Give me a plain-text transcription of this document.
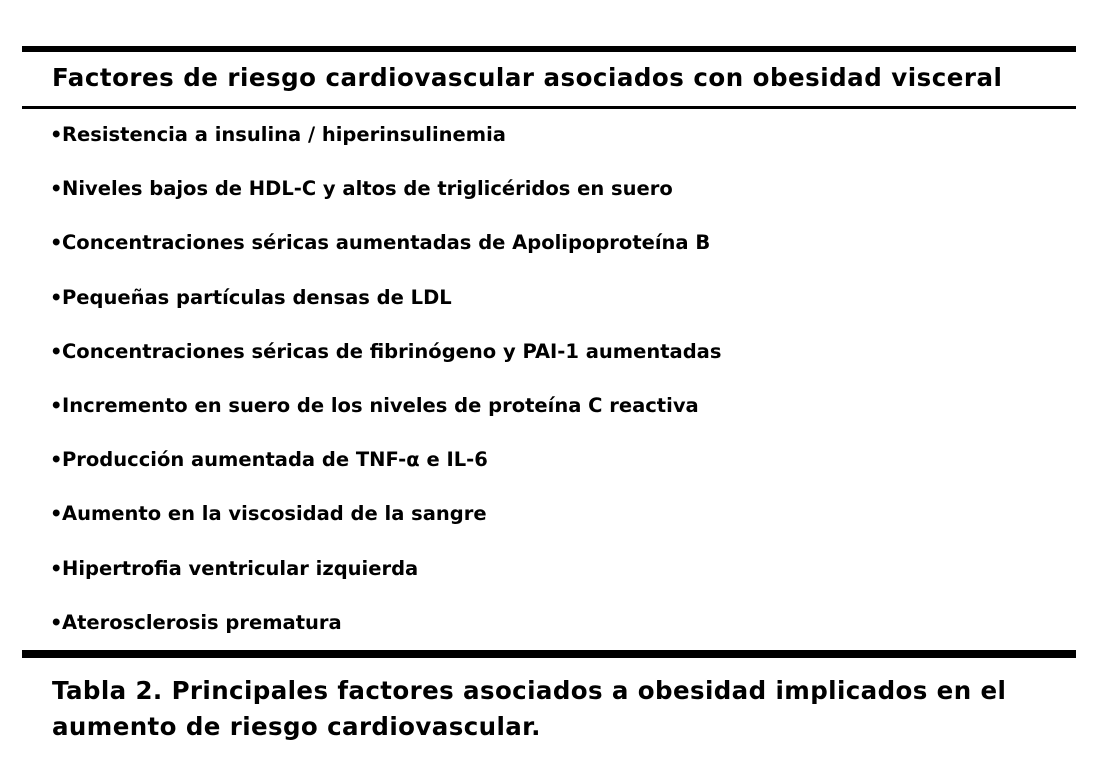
Factores de riesgo cardiovascular asociados con obesidad visceral
•Resistencia a insulina / hiperinsulinemia
•Niveles bajos de HDL-C y altos de triglicéridos en suero
•Concentraciones séricas aumentadas de Apolipoproteína B
•Pequeñas partículas densas de LDL
•Concentraciones séricas de fibrinógeno y PAI-1 aumentadas
•Incremento en suero de los niveles de proteína C reactiva
•Producción aumentada de TNF-α e IL-6
•Aumento en la viscosidad de la sangre
•Hipertrofia ventricular izquierda
•Aterosclerosis prematura
Tabla 2. Principales factores asociados a obesidad implicados en el aumento de riesgo cardiovascular.
